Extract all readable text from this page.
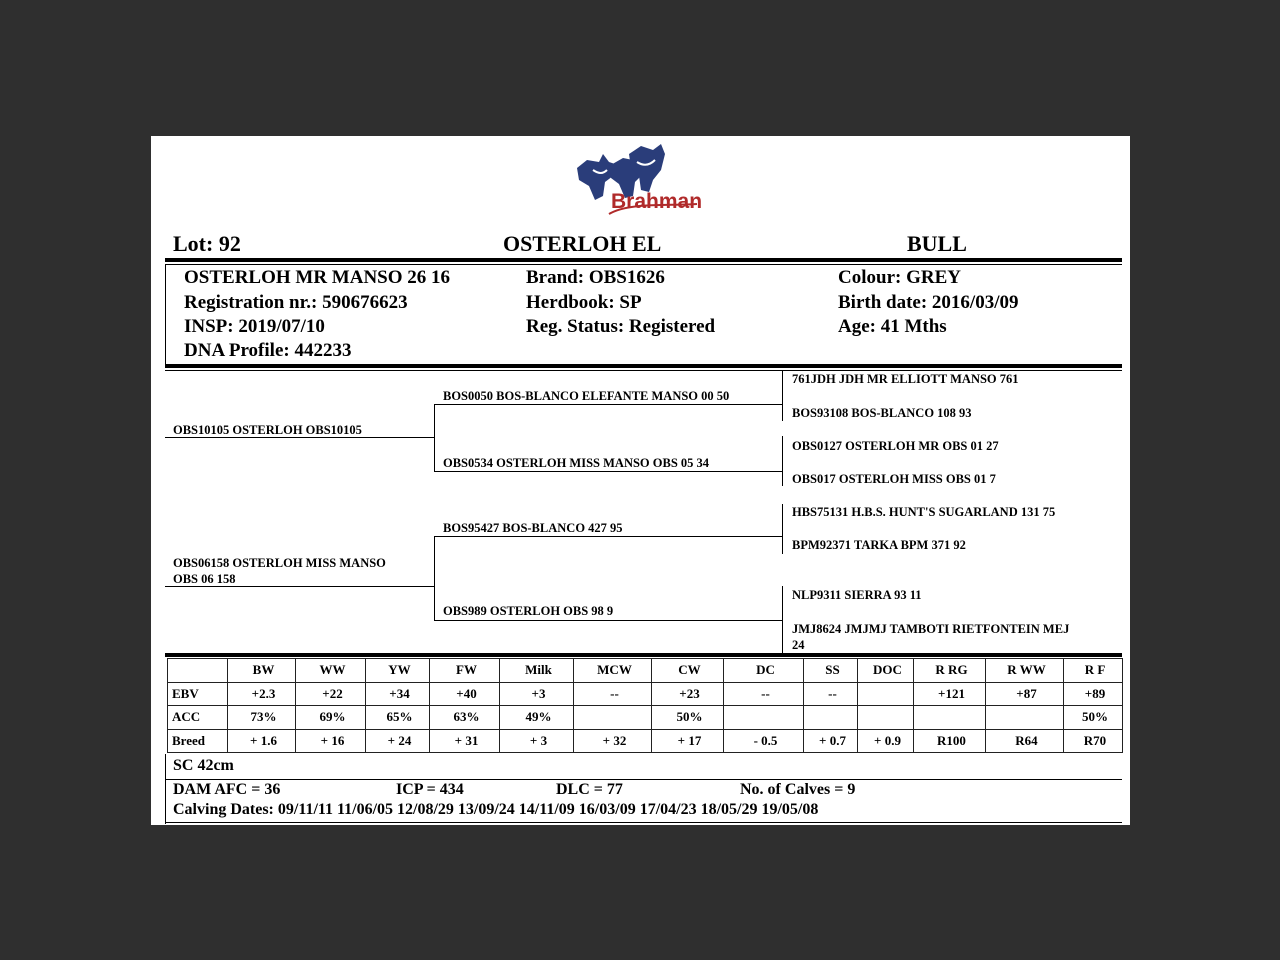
Brahman
Lot: 92	OSTERLOH EL	BULL
OSTERLOH MR MANSO 26 16
Registration nr.: 590676623
INSP: 2019/07/10
DNA Profile: 442233
Brand: OBS1626
Herdbook: SP
Reg. Status: Registered
Colour: GREY
Birth date: 2016/03/09
Age: 41 Mths
OBS10105 OSTERLOH OBS10105
OBS06158 OSTERLOH MISS MANSO
OBS 06 158
BOS0050 BOS-BLANCO ELEFANTE MANSO 00 50
OBS0534 OSTERLOH MISS MANSO OBS 05 34
BOS95427 BOS-BLANCO 427 95
OBS989 OSTERLOH OBS 98 9
761JDH JDH MR ELLIOTT MANSO 761
BOS93108 BOS-BLANCO 108 93
OBS0127 OSTERLOH MR OBS 01 27
OBS017 OSTERLOH MISS OBS 01 7
HBS75131 H.B.S. HUNT'S SUGARLAND 131 75
BPM92371 TARKA BPM 371 92
NLP9311 SIERRA 93 11
JMJ8624 JMJMJ TAMBOTI RIETFONTEIN MEJ
24
	BW	WW	YW	FW	Milk	MCW	CW	DC	SS	DOC	R RG	R WW	R F
EBV	+2.3	+22	+34	+40	+3	--	+23	--	--		+121	+87	+89
ACC	73%	69%	65%	63%	49%		50%						50%
Breed	+ 1.6	+ 16	+ 24	+ 31	+ 3	+ 32	+ 17	- 0.5	+ 0.7	+ 0.9	R100	R64	R70
SC 42cm
DAM AFC = 36	ICP = 434	DLC = 77	No. of Calves = 9
Calving Dates: 09/11/11 11/06/05 12/08/29 13/09/24 14/11/09 16/03/09 17/04/23 18/05/29 19/05/08
